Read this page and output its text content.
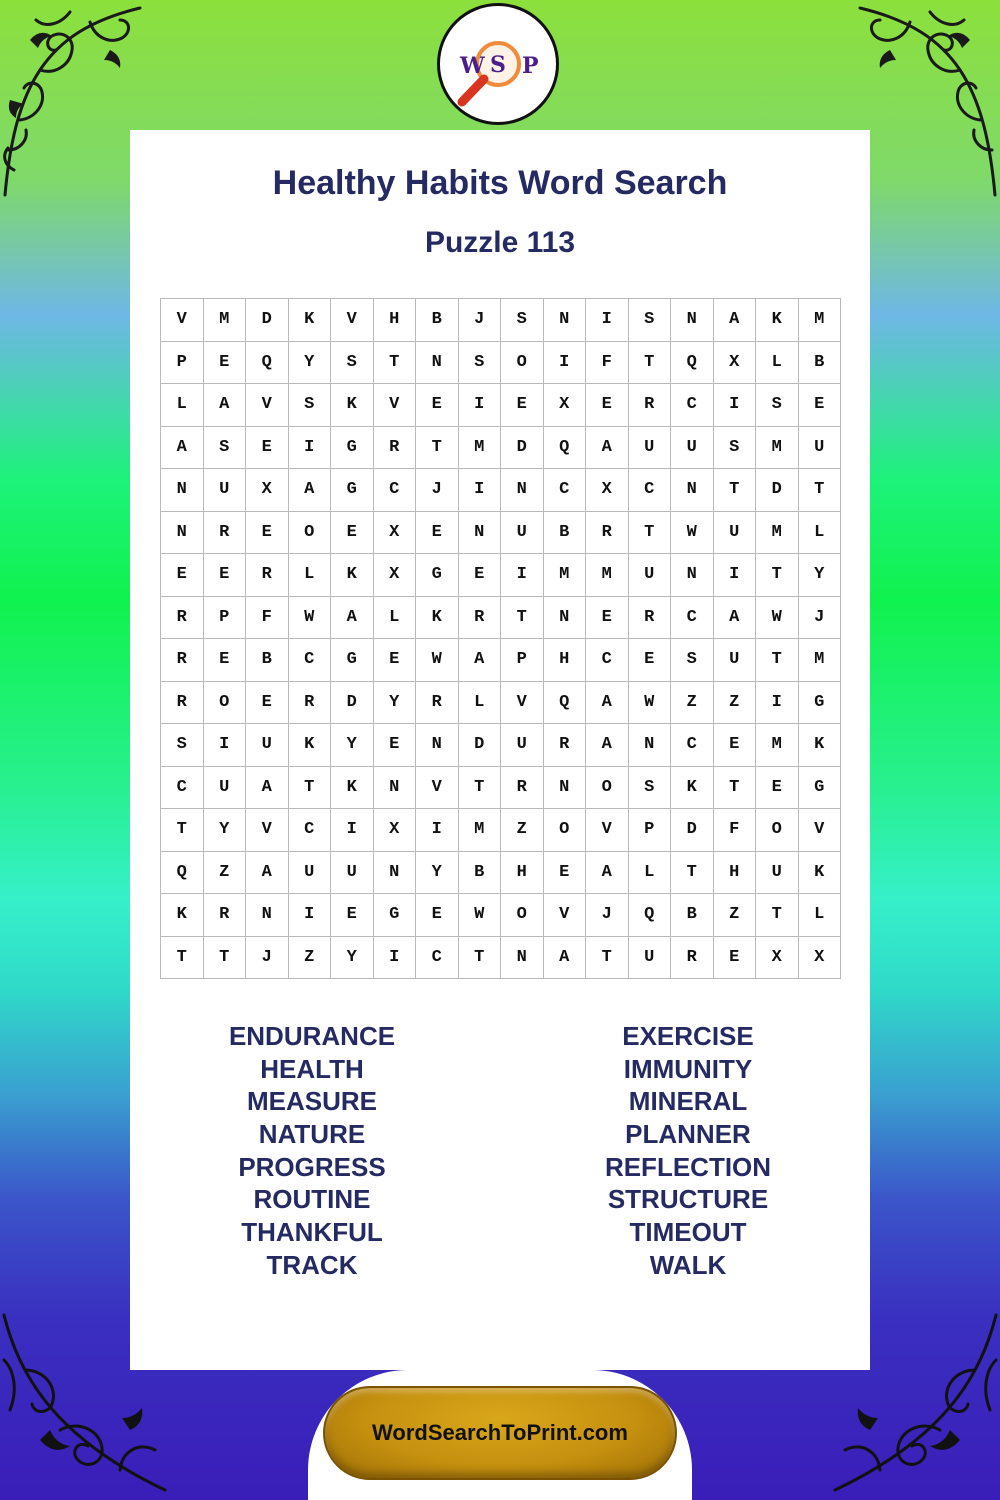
W S P
Healthy Habits Word Search
Puzzle 113
V	M	D	K	V	H	B	J	S	N	I	S	N	A	K	M
P	E	Q	Y	S	T	N	S	O	I	F	T	Q	X	L	B
L	A	V	S	K	V	E	I	E	X	E	R	C	I	S	E
A	S	E	I	G	R	T	M	D	Q	A	U	U	S	M	U
N	U	X	A	G	C	J	I	N	C	X	C	N	T	D	T
N	R	E	O	E	X	E	N	U	B	R	T	W	U	M	L
E	E	R	L	K	X	G	E	I	M	M	U	N	I	T	Y
R	P	F	W	A	L	K	R	T	N	E	R	C	A	W	J
R	E	B	C	G	E	W	A	P	H	C	E	S	U	T	M
R	O	E	R	D	Y	R	L	V	Q	A	W	Z	Z	I	G
S	I	U	K	Y	E	N	D	U	R	A	N	C	E	M	K
C	U	A	T	K	N	V	T	R	N	O	S	K	T	E	G
T	Y	V	C	I	X	I	M	Z	O	V	P	D	F	O	V
Q	Z	A	U	U	N	Y	B	H	E	A	L	T	H	U	K
K	R	N	I	E	G	E	W	O	V	J	Q	B	Z	T	L
T	T	J	Z	Y	I	C	T	N	A	T	U	R	E	X	X
ENDURANCE
HEALTH
MEASURE
NATURE
PROGRESS
ROUTINE
THANKFUL
TRACK
EXERCISE
IMMUNITY
MINERAL
PLANNER
REFLECTION
STRUCTURE
TIMEOUT
WALK
WordSearchToPrint.com
